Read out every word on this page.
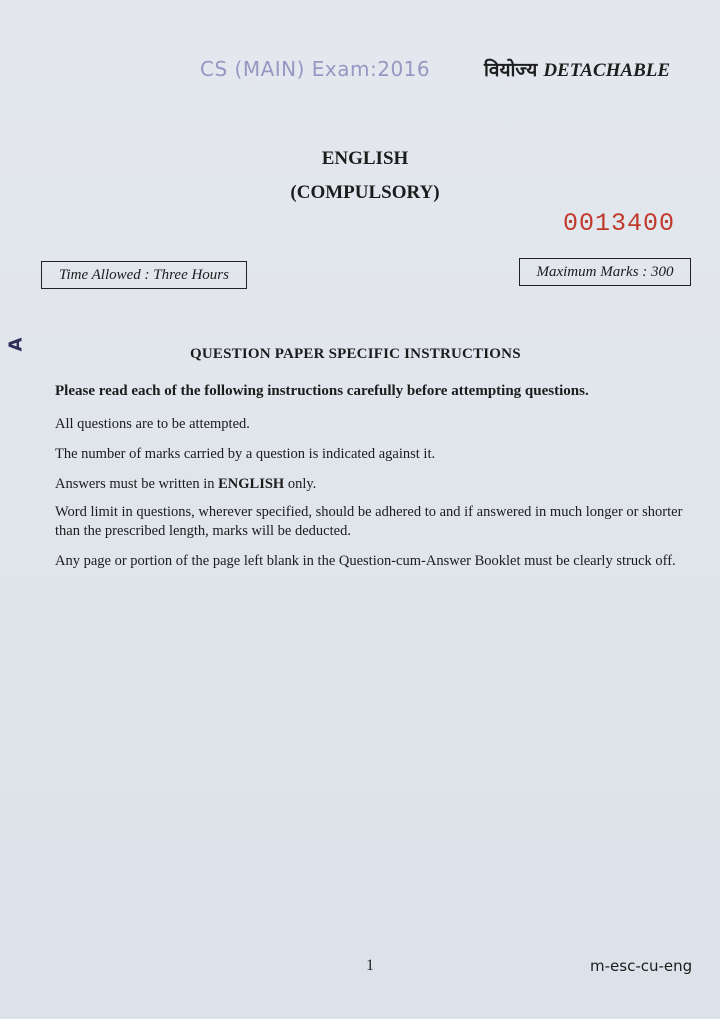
CS (MAIN) Exam:2016	वियोज्य DETACHABLE
ENGLISH
(COMPULSORY)
0013400
Time Allowed : Three Hours	Maximum Marks : 300
A
QUESTION PAPER SPECIFIC INSTRUCTIONS
Please read each of the following instructions carefully before attempting questions.
All questions are to be attempted.
The number of marks carried by a question is indicated against it.
Answers must be written in ENGLISH only.
Word limit in questions, wherever specified, should be adhered to and if answered in much longer or shorter than the prescribed length, marks will be deducted.
Any page or portion of the page left blank in the Question-cum-Answer Booklet must be clearly struck off.
1	m-esc-cu-eng
